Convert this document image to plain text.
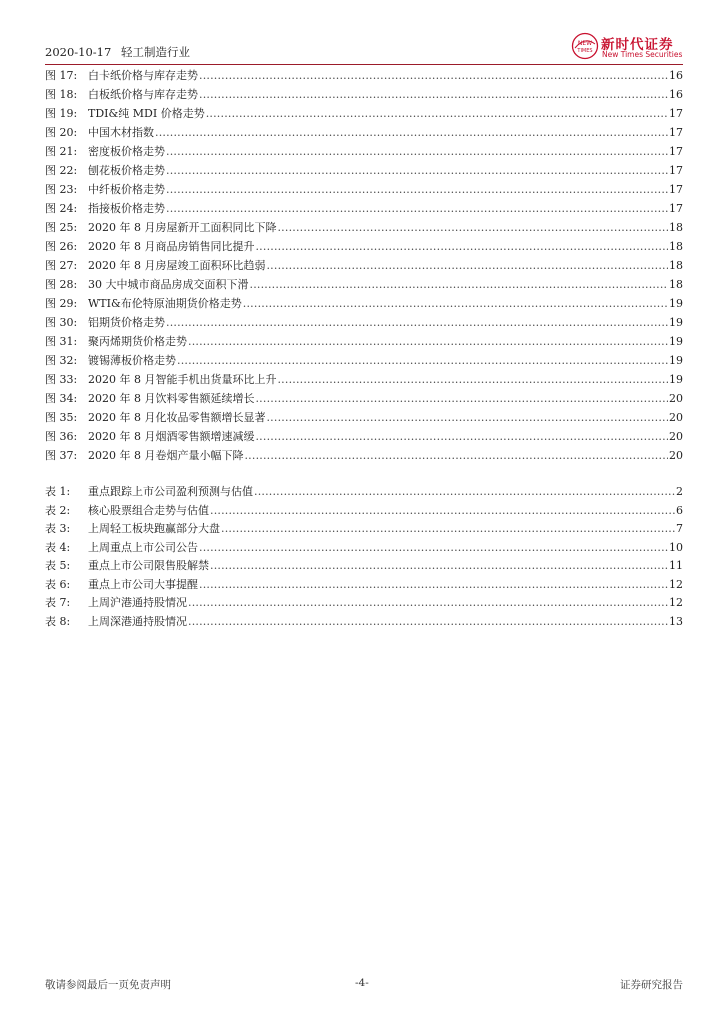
2020-10-17 轻工制造行业
NEW
TIMES 新时代证券
New Times Securities
图 17: 白卡纸价格与库存走势 .....	16
图 18: 白板纸价格与库存走势 .....	16
图 19: TDI&纯 MDI 价格走势 .....	17
图 20: 中国木材指数 .....	17
图 21: 密度板价格走势 .....	17
图 22: 刨花板价格走势 .....	17
图 23: 中纤板价格走势 .....	17
图 24: 指接板价格走势 .....	17
图 25: 2020 年 8 月房屋新开工面积同比下降 .....	18
图 26: 2020 年 8 月商品房销售同比提升 .....	18
图 27: 2020 年 8 月房屋竣工面积环比趋弱 .....	18
图 28: 30 大中城市商品房成交面积下滑 .....	18
图 29: WTI&布伦特原油期货价格走势 .....	19
图 30: 铝期货价格走势 .....	19
图 31: 聚丙烯期货价格走势 .....	19
图 32: 镀锡薄板价格走势 .....	19
图 33: 2020 年 8 月智能手机出货量环比上升 .....	19
图 34: 2020 年 8 月饮料零售额延续增长 .....	20
图 35: 2020 年 8 月化妆品零售额增长显著 .....	20
图 36: 2020 年 8 月烟酒零售额增速减缓 .....	20
图 37: 2020 年 8 月卷烟产量小幅下降 .....	20
表 1:	重点跟踪上市公司盈利预测与估值 .....	2
表 2:	核心股票组合走势与估值 .....	6
表 3:	上周轻工板块跑赢部分大盘 .....	7
表 4:	上周重点上市公司公告 .....	10
表 5:	重点上市公司限售股解禁 .....	11
表 6:	重点上市公司大事提醒 .....	12
表 7:	上周沪港通持股情况 .....	12
表 8:	上周深港通持股情况 .....	13
敬请参阅最后一页免责声明	-4-	证券研究报告
